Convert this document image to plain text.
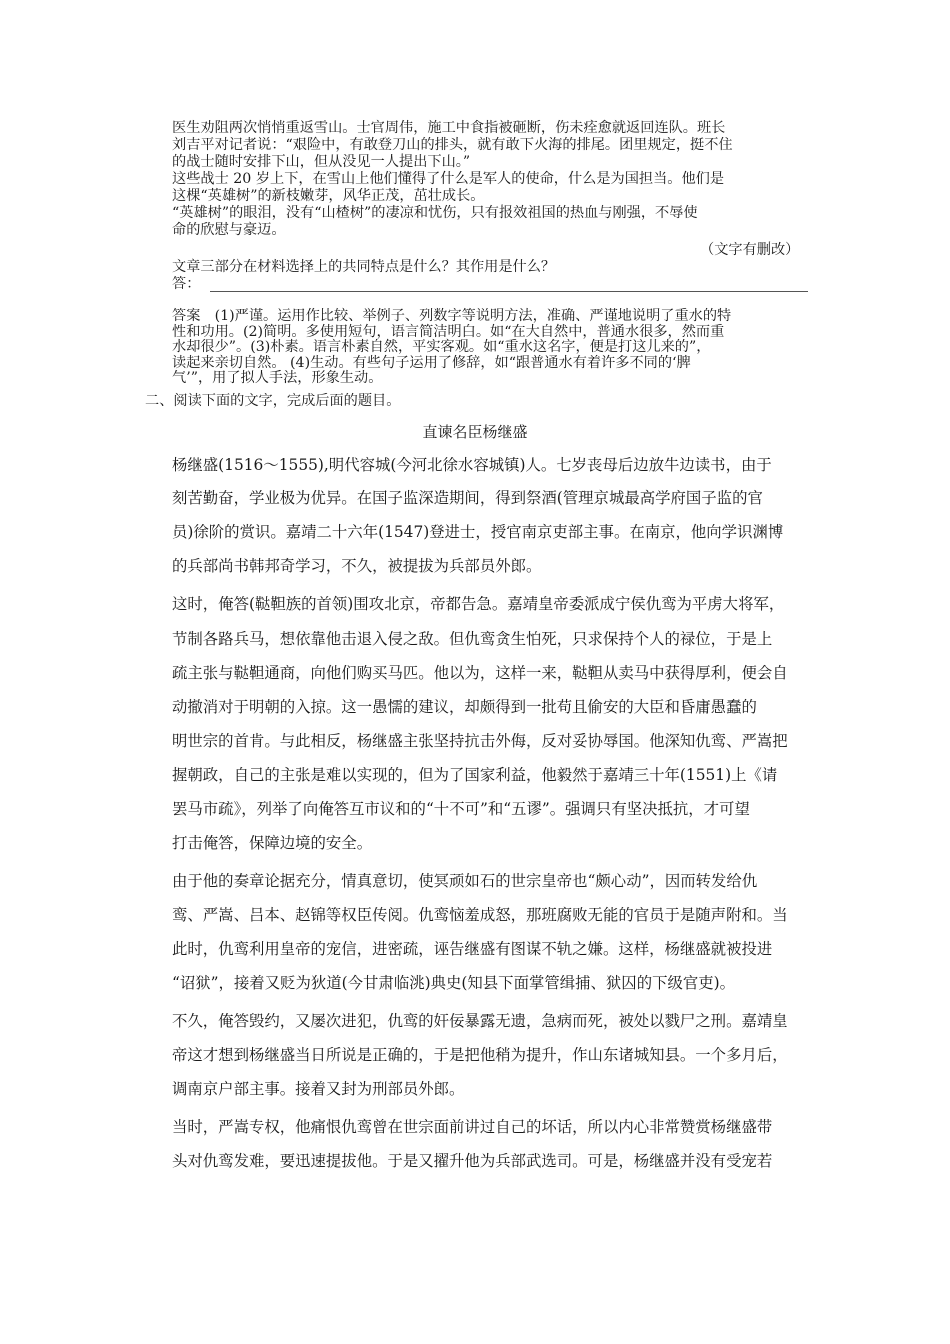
医生劝阻两次悄悄重返雪山。士官周伟，施工中食指被砸断，伤未痊愈就返回连队。班长

刘吉平对记者说：“艰险中，有敢登刀山的排头，就有敢下火海的排尾。团里规定，挺不住

的战士随时安排下山，但从没见一人提出下山。”

这些战士 20 岁上下，在雪山上他们懂得了什么是军人的使命，什么是为国担当。他们是

这棵“英雄树”的新枝嫩芽，风华正茂，茁壮成长。

“英雄树”的眼泪，没有“山楂树”的凄凉和忧伤，只有报效祖国的热血与刚强，不辱使

命的欣慰与豪迈。

（文字有删改）
文章三部分在材料选择上的共同特点是什么？其作用是什么？
答：

答案　(1)严谨。运用作比较、举例子、列数字等说明方法，准确、严谨地说明了重水的特

性和功用。(2)简明。多使用短句，语言简洁明白。如“在大自然中，普通水很多，然而重

水却很少”。(3)朴素。语言朴素自然，平实客观。如“重水这名字，便是打这儿来的”，

读起来亲切自然。 (4)生动。有些句子运用了修辞，如“跟普通水有着许多不同的‘脾

气’”，用了拟人手法，形象生动。

二、阅读下面的文字，完成后面的题目。
直谏名臣杨继盛
杨继盛(1516～1555),明代容城(今河北徐水容城镇)人。七岁丧母后边放牛边读书，由于
刻苦勤奋，学业极为优异。在国子监深造期间，得到祭酒(管理京城最高学府国子监的官
员)徐阶的赏识。嘉靖二十六年(1547)登进士，授官南京吏部主事。在南京，他向学识渊博
的兵部尚书韩邦奇学习，不久，被提拔为兵部员外郎。
这时，俺答(鞑靼族的首领)围攻北京，帝都告急。嘉靖皇帝委派成宁侯仇鸾为平虏大将军，
节制各路兵马，想依靠他击退入侵之敌。但仇鸾贪生怕死，只求保持个人的禄位，于是上
疏主张与鞑靼通商，向他们购买马匹。他以为，这样一来，鞑靼从卖马中获得厚利，便会自
动撤消对于明朝的入掠。这一愚懦的建议，却颇得到一批苟且偷安的大臣和昏庸愚蠢的
明世宗的首肯。与此相反，杨继盛主张坚持抗击外侮，反对妥协辱国。他深知仇鸾、严嵩把
握朝政，自己的主张是难以实现的，但为了国家利益，他毅然于嘉靖三十年(1551)上《请
罢马市疏》，列举了向俺答互市议和的“十不可”和“五谬”。强调只有坚决抵抗，才可望
打击俺答，保障边境的安全。
由于他的奏章论据充分，情真意切，使冥顽如石的世宗皇帝也“颇心动”，因而转发给仇
鸾、严嵩、吕本、赵锦等权臣传阅。仇鸾恼羞成怒，那班腐败无能的官员于是随声附和。当
此时，仇鸾利用皇帝的宠信，进密疏，诬告继盛有图谋不轨之嫌。这样，杨继盛就被投进
“诏狱”，接着又贬为狄道(今甘肃临洮)典史(知县下面掌管缉捕、狱囚的下级官吏)。
不久，俺答毁约，又屡次进犯，仇鸾的奸佞暴露无遗，急病而死，被处以戮尸之刑。嘉靖皇
帝这才想到杨继盛当日所说是正确的，于是把他稍为提升，作山东诸城知县。一个多月后，
调南京户部主事。接着又封为刑部员外郎。
当时，严嵩专权，他痛恨仇鸾曾在世宗面前讲过自己的坏话，所以内心非常赞赏杨继盛带
头对仇鸾发难，要迅速提拔他。于是又擢升他为兵部武选司。可是，杨继盛并没有受宠若
